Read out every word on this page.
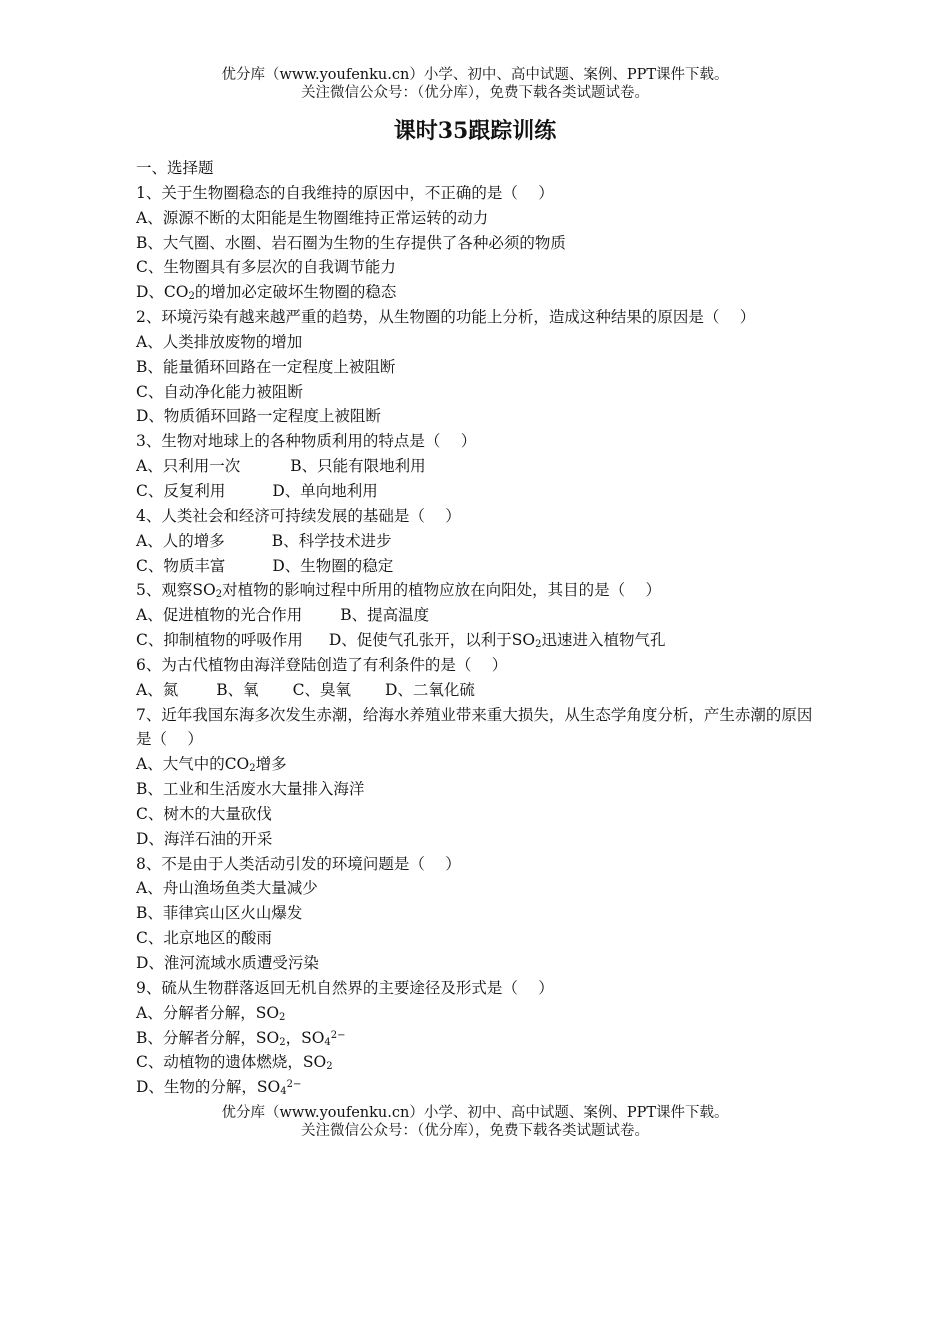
优分库（www.youfenku.cn）小学、初中、高中试题、案例、PPT课件下载。
关注微信公众号：（优分库），免费下载各类试题试卷。
课时35跟踪训练
一、选择题
1、关于生物圈稳态的自我维持的原因中，不正确的是（　 ）
A、源源不断的太阳能是生物圈维持正常运转的动力
B、大气圈、水圈、岩石圈为生物的生存提供了各种必须的物质
C、生物圈具有多层次的自我调节能力
D、$CO_2$的增加必定破坏生物圈的稳态
2、环境污染有越来越严重的趋势，从生物圈的功能上分析，造成这种结果的原因是（　 ）
A、人类排放废物的增加
B、能量循环回路在一定程度上被阻断
C、自动净化能力被阻断
D、物质循环回路一定程度上被阻断
3、生物对地球上的各种物质利用的特点是（　 ）
A、只利用一次	B、只能有限地利用
C、反复利用	D、单向地利用
4、人类社会和经济可持续发展的基础是（　 ）
A、人的增多	B、科学技术进步
C、物质丰富	D、生物圈的稳定
5、观察$SO_2$对植物的影响过程中所用的植物应放在向阳处，其目的是（　 ）
A、促进植物的光合作用 B、提高温度
C、抑制植物的呼吸作用 D、促使气孔张开，以利于$SO_2$迅速进入植物气孔
6、为古代植物由海洋登陆创造了有利条件的是（　 ）
A、氮 B、氧 C、臭氧 D、二氧化硫
7、近年我国东海多次发生赤潮，给海水养殖业带来重大损失，从生态学角度分析，产生赤潮的原因是（　 ）
A、大气中的$CO_2$增多
B、工业和生活废水大量排入海洋
C、树木的大量砍伐
D、海洋石油的开采
8、不是由于人类活动引发的环境问题是（　 ）
A、舟山渔场鱼类大量减少
B、菲律宾山区火山爆发
C、北京地区的酸雨
D、淮河流域水质遭受污染
9、硫从生物群落返回无机自然界的主要途径及形式是（　 ）
A、分解者分解，$SO_2$
B、分解者分解，$SO_2$，$SO_4^{2-}$
C、动植物的遗体燃烧，$SO_2$
D、生物的分解，$SO_4^{2-}$
优分库（www.youfenku.cn）小学、初中、高中试题、案例、PPT课件下载。
关注微信公众号：（优分库），免费下载各类试题试卷。
